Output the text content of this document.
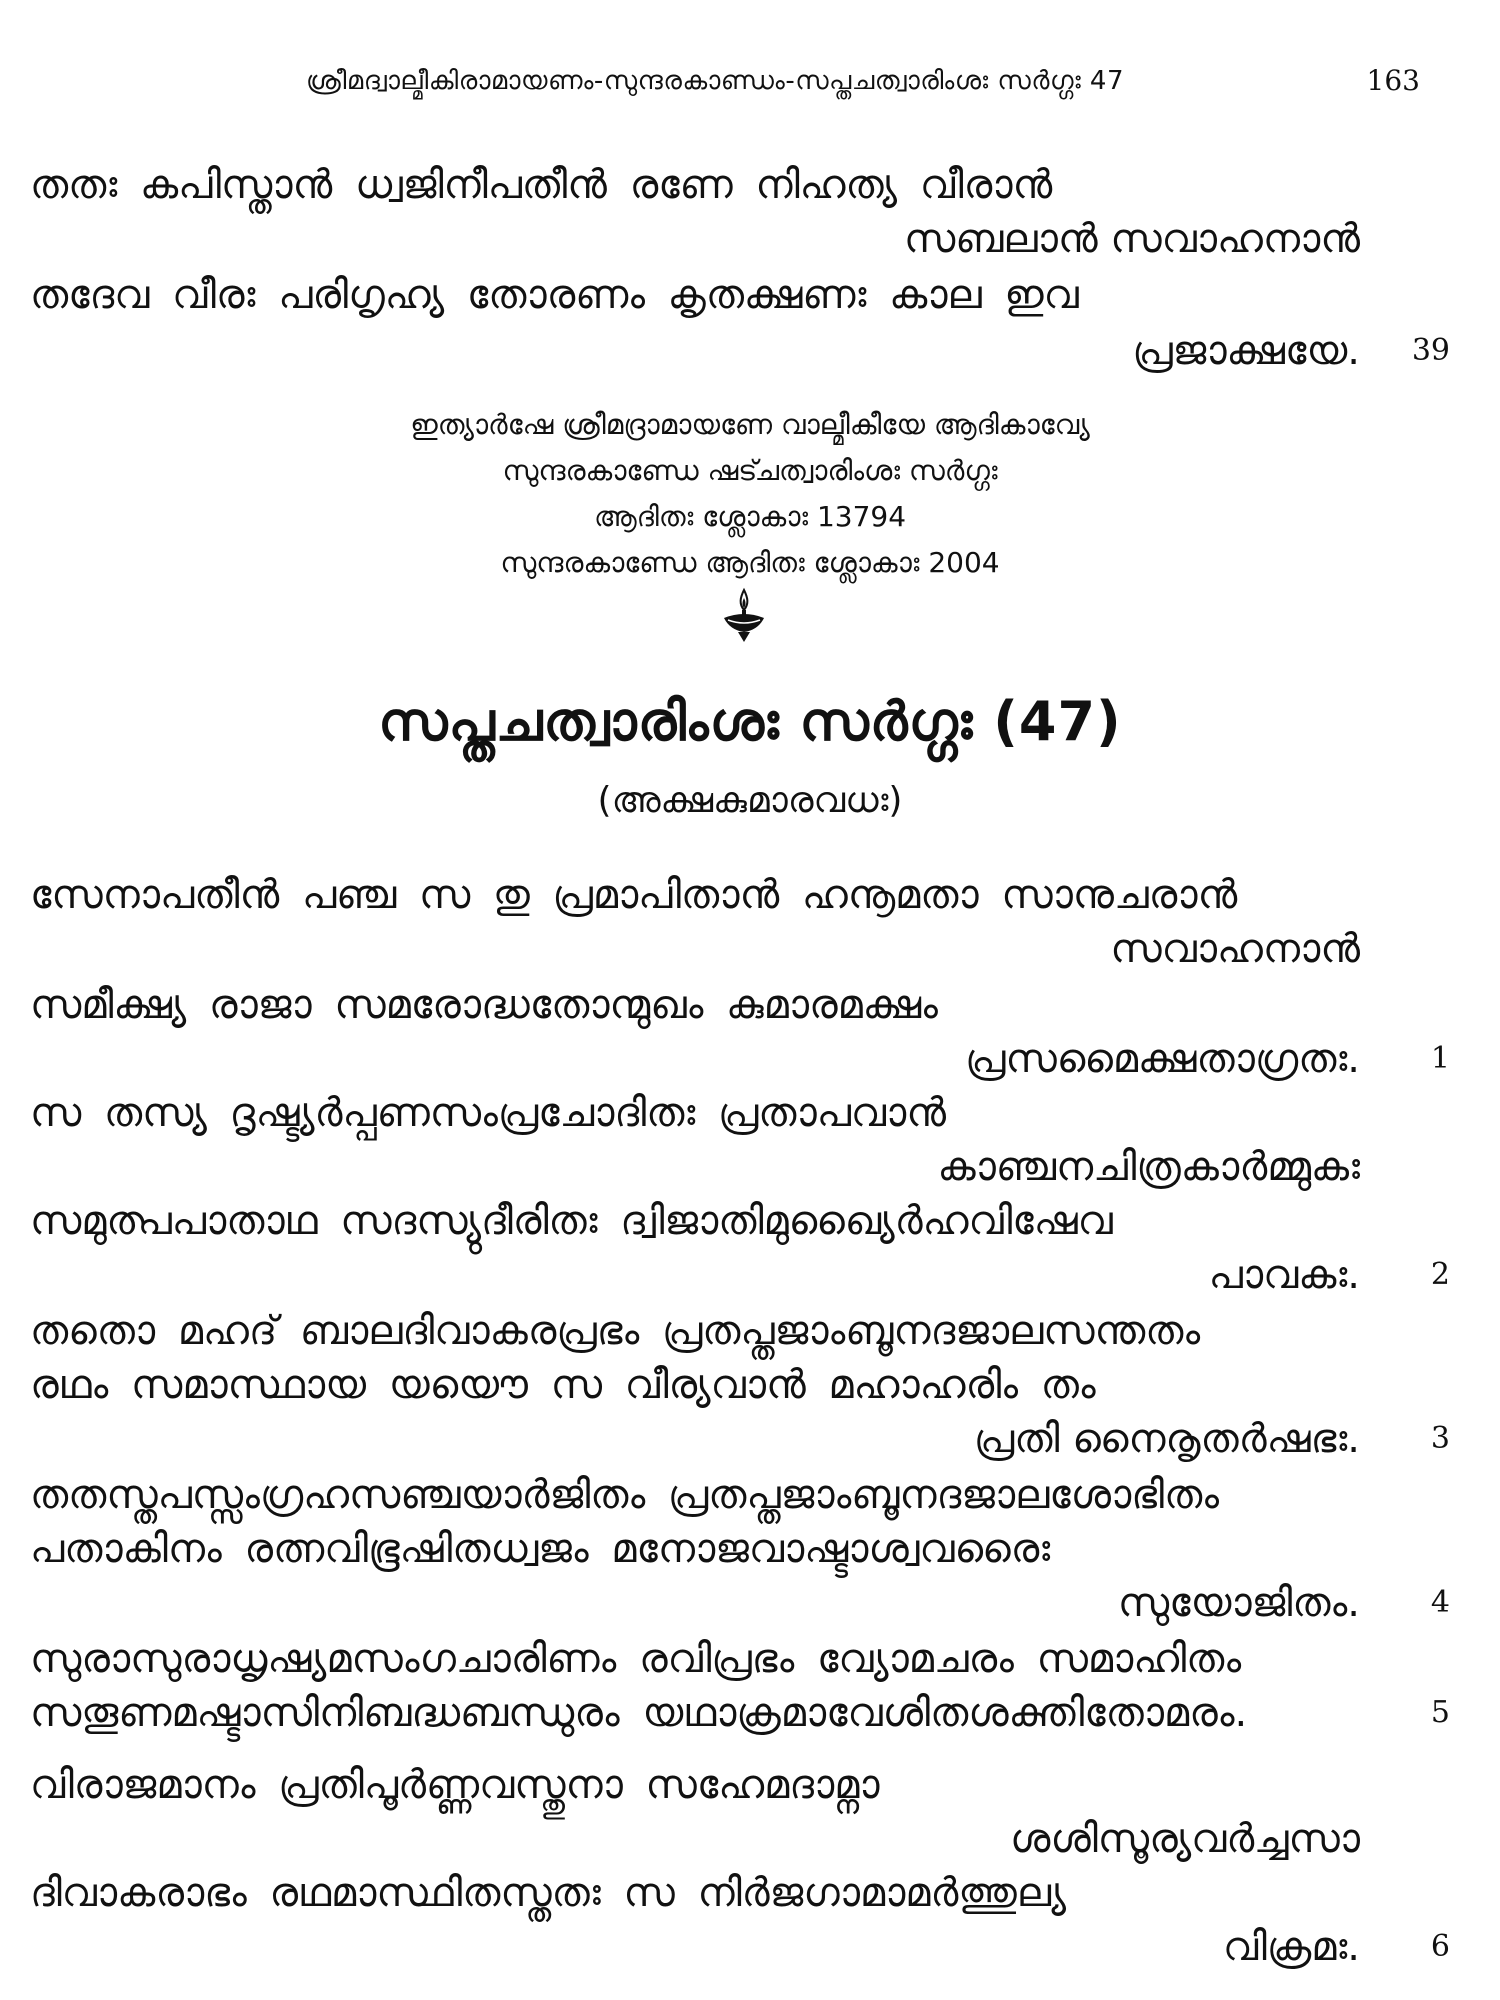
ശ്രീമദ്വാല്മീകിരാമായണം-സുന്ദരകാണ്ഡം-സപ്തചത്വാരിംശഃ സർഗ്ഗഃ 47	163
തതഃ കപിസ്താൻ ധ്വജിനീപതീൻ രണേ നിഹത്യ വീരാൻ
സബലാൻ സവാഹനാൻ
തദേവ വീരഃ പരിഗൃഹ്യ തോരണം കൃതക്ഷണഃ കാല ഇവ
പ്രജാക്ഷയേ.	39
ഇത്യാർഷേ ശ്രീമദ്രാമായണേ വാല്മീകീയേ ആദികാവ്യേ
സുന്ദരകാണ്ഡേ ഷട്ചത്വാരിംശഃ സർഗ്ഗഃ
ആദിതഃ ശ്ലോകാഃ 13794
സുന്ദരകാണ്ഡേ ആദിതഃ ശ്ലോകാഃ 2004
സപ്തചത്വാരിംശഃ സർഗ്ഗഃ (47)
(അക്ഷകുമാരവധഃ)
സേനാപതീൻ പഞ്ച സ തു പ്രമാപിതാൻ ഹനൂമതാ സാനുചരാൻ
സവാഹനാൻ
സമീക്ഷ്യ രാജാ സമരോദ്ധതോന്മുഖം കുമാരമക്ഷം
പ്രസമൈക്ഷതാഗ്രതഃ.	1
സ തസ്യ ദൃഷ്ട്യർപ്പണസംപ്രചോദിതഃ പ്രതാപവാൻ
കാഞ്ചനചിത്രകാർമ്മുകഃ
സമുത്പപാതാഥ സദസ്യുദീരിതഃ ദ്വിജാതിമുഖ്യൈർഹവിഷേവ
പാവകഃ.	2
തതൊ മഹദ് ബാലദിവാകരപ്രഭം പ്രതപ്തജാംബൂനദജാലസന്തതം
രഥം സമാസ്ഥായ യയൌ സ വീര്യവാൻ മഹാഹരിം തം
പ്രതി നൈരൃതർഷഭഃ.	3
തതസ്തപസ്സംഗ്രഹസഞ്ചയാർജിതം പ്രതപ്തജാംബൂനദജാലശോഭിതം
പതാകിനം രത്നവിഭൂഷിതധ്വജം മനോജവാഷ്ടാശ്വവരൈഃ
സുയോജിതം.	4
സുരാസുരാധൃഷ്യമസംഗചാരിണം രവിപ്രഭം വ്യോമചരം സമാഹിതം
സതൂണമഷ്ടാസിനിബദ്ധബന്ധുരം യഥാക്രമാവേശിതശക്തിതോമരം.	5
വിരാജമാനം പ്രതിപൂർണ്ണവസ്തുനാ സഹേമദാമ്നാ
ശശിസൂര്യവർച്ചസാ
ദിവാകരാഭം രഥമാസ്ഥിതസ്തതഃ സ നിർജഗാമാമർത്തുല്യ
വിക്രമഃ.	6
